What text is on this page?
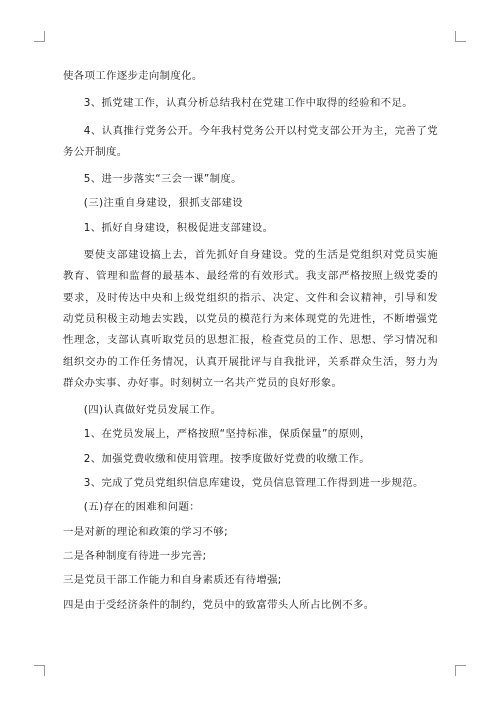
使各项工作逐步走向制度化。

3、抓党建工作，认真分析总结我村在党建工作中取得的经验和不足。

4、认真推行党务公开。今年我村党务公开以村党支部公开为主，完善了党务公开制度。

5、进一步落实“三会一课”制度。

(三)注重自身建设，狠抓支部建设

1、抓好自身建设，积极促进支部建设。

要使支部建设搞上去，首先抓好自身建设。党的生活是党组织对党员实施教育、管理和监督的最基本、最经常的有效形式。我支部严格按照上级党委的要求，及时传达中央和上级党组织的指示、决定、文件和会议精神，引导和发动党员积极主动地去实践，以党员的模范行为来体现党的先进性，不断增强党性理念，支部认真听取党员的思想汇报，检查党员的工作、思想、学习情况和组织交办的工作任务情况，认真开展批评与自我批评，关系群众生活，努力为群众办实事、办好事。时刻树立一名共产党员的良好形象。

(四)认真做好党员发展工作。

1、在党员发展上，严格按照“坚持标准，保质保量”的原则，

2、加强党费收缴和使用管理。按季度做好党费的收缴工作。

3、完成了党员党组织信息库建设，党员信息管理工作得到进一步规范。

(五)存在的困难和问题：

一是对新的理论和政策的学习不够;

二是各种制度有待进一步完善;

三是党员干部工作能力和自身素质还有待增强;

四是由于受经济条件的制约，党员中的致富带头人所占比例不多。
